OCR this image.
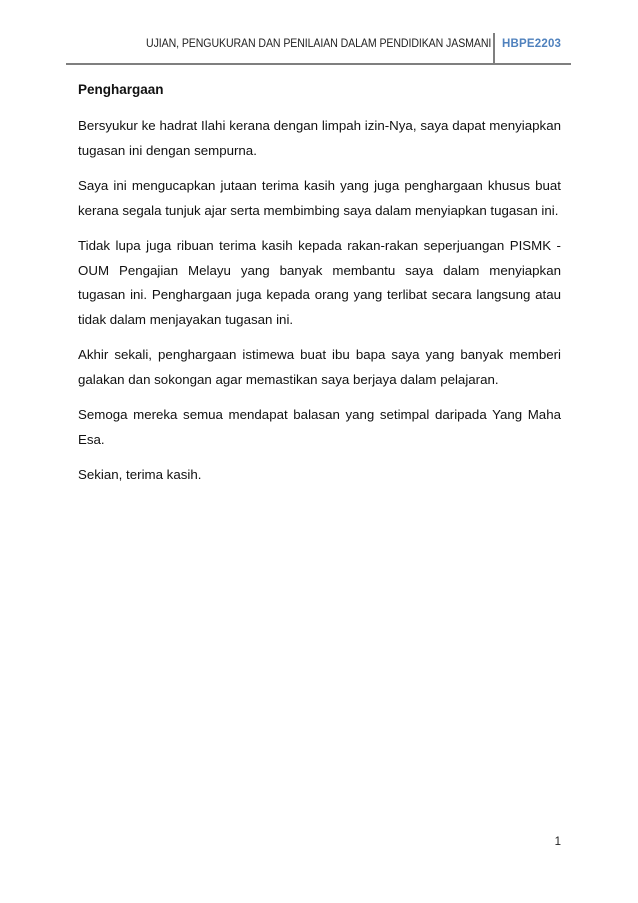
UJIAN, PENGUKURAN DAN PENILAIAN DALAM PENDIDIKAN JASMANI HBPE2203
Penghargaan

Bersyukur ke hadrat Ilahi kerana dengan limpah izin-Nya, saya dapat menyiapkan tugasan ini dengan sempurna.

Saya ini mengucapkan jutaan terima kasih yang juga penghargaan khusus buat kerana segala tunjuk ajar serta membimbing saya dalam menyiapkan tugasan ini.

Tidak lupa juga ribuan terima kasih kepada rakan-rakan seperjuangan PISMK -OUM Pengajian Melayu yang banyak membantu saya dalam menyiapkan tugasan ini. Penghargaan juga kepada orang yang terlibat secara langsung atau tidak dalam menjayakan tugasan ini.

Akhir sekali, penghargaan istimewa buat ibu bapa saya yang banyak memberi galakan dan sokongan agar memastikan saya berjaya dalam pelajaran.

Semoga mereka semua mendapat balasan yang setimpal daripada Yang Maha Esa.

Sekian, terima kasih.

1
